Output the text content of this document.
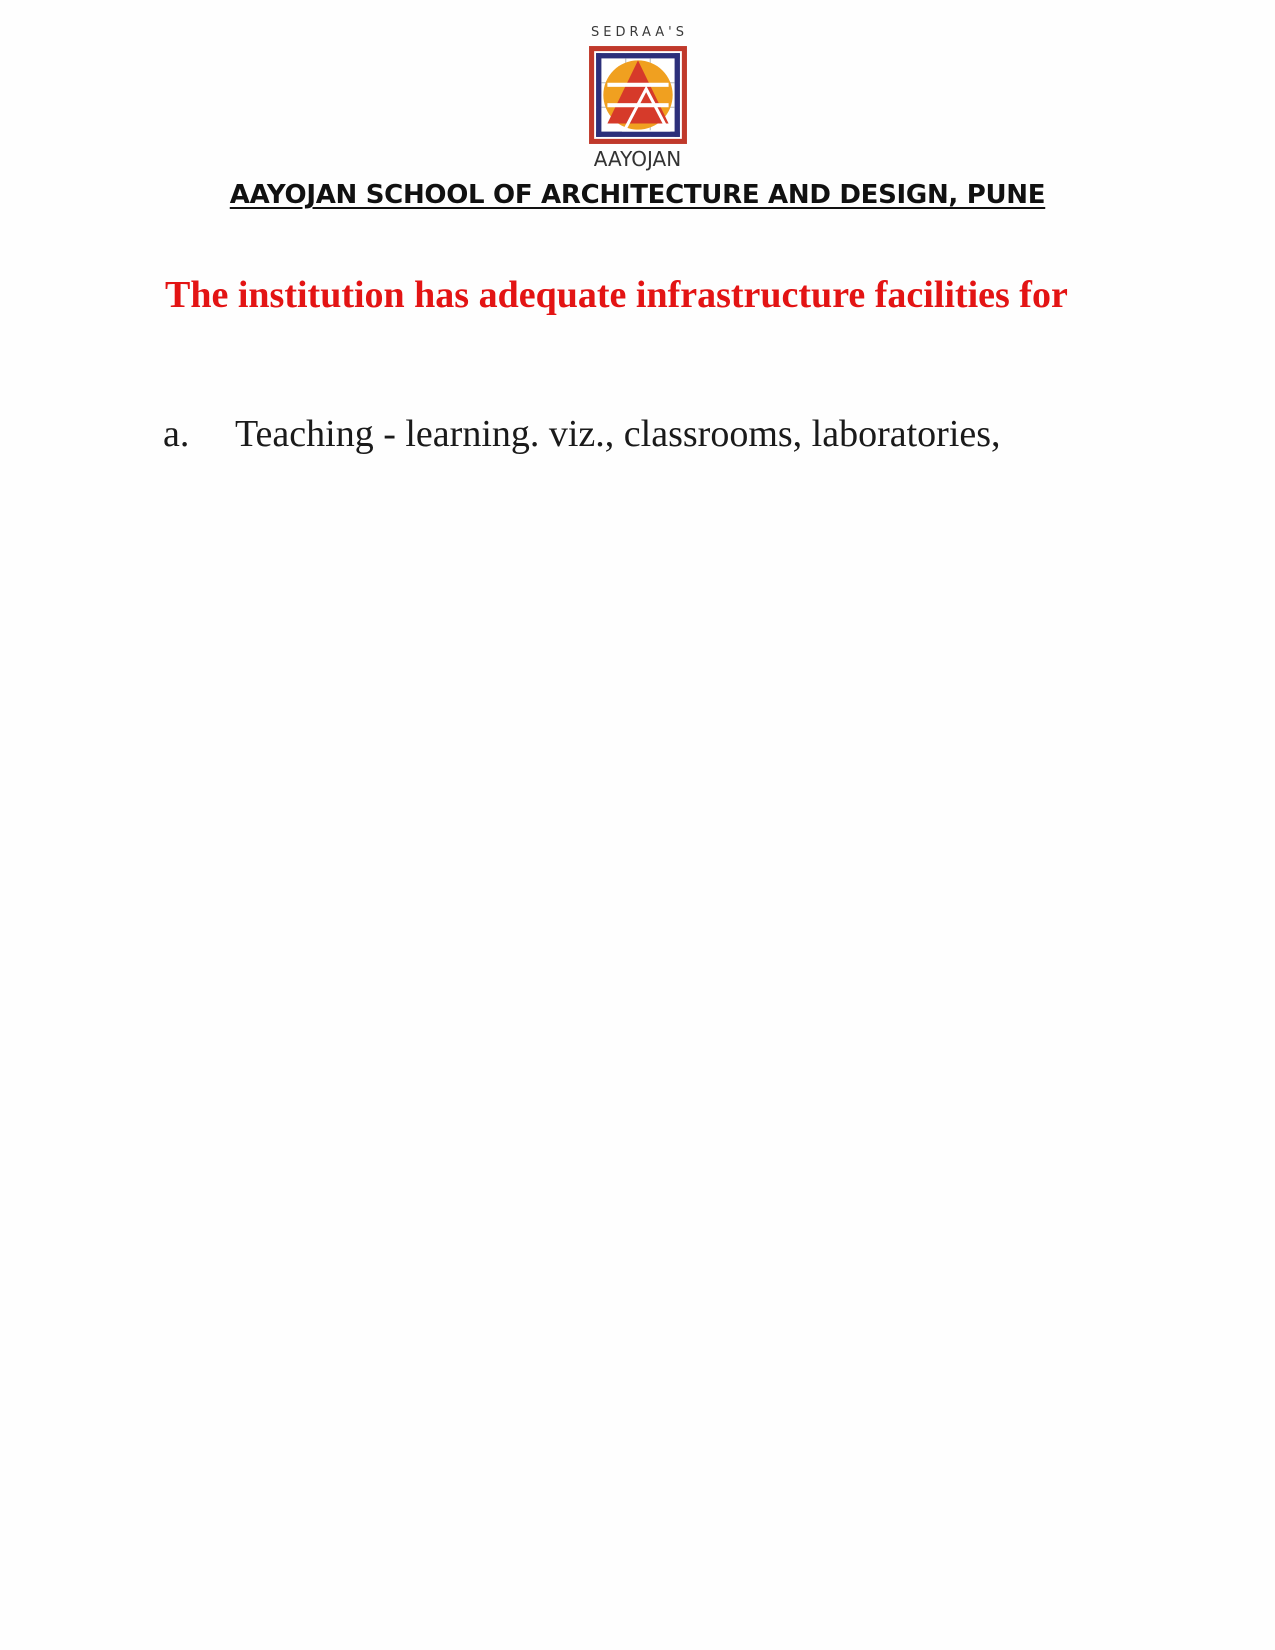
SEDRAA'S
AAYOJAN
AAYOJAN SCHOOL OF ARCHITECTURE AND DESIGN, PUNE
The institution has adequate infrastructure facilities for
a. Teaching - learning. viz., classrooms, laboratories,
